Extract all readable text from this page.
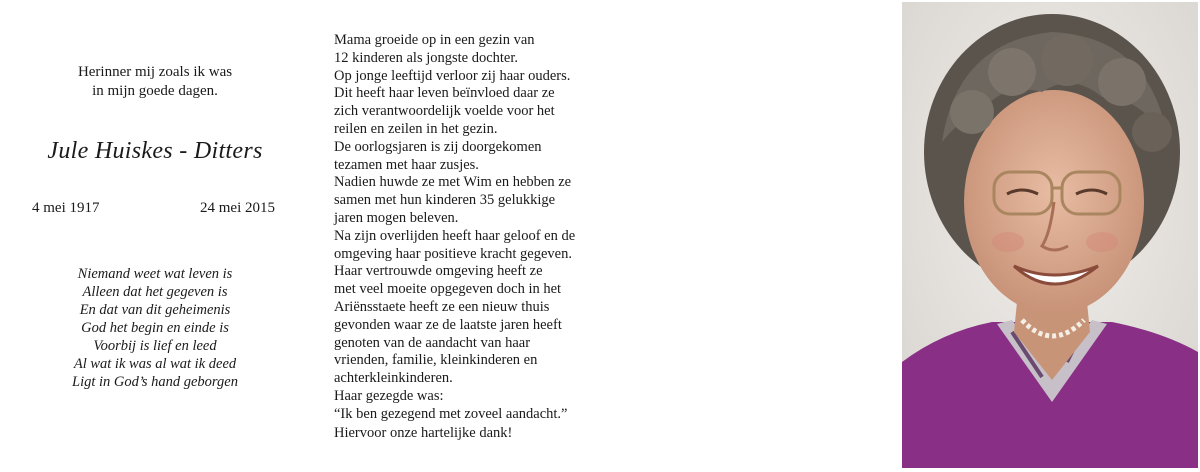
Herinner mij zoals ik was
in mijn goede dagen.
Jule Huiskes - Ditters
4 mei 1917	24 mei 2015
Niemand weet wat leven is
Alleen dat het gegeven is
En dat van dit geheimenis
God het begin en einde is
Voorbij is lief en leed
Al wat ik was al wat ik deed
Ligt in God’s hand geborgen
Mama groeide op in een gezin van
12 kinderen als jongste dochter.
Op jonge leeftijd verloor zij haar ouders.
Dit heeft haar leven beïnvloed daar ze
zich verantwoordelijk voelde voor het
reilen en zeilen in het gezin.
De oorlogsjaren is zij doorgekomen
tezamen met haar zusjes.
Nadien huwde ze met Wim en hebben ze
samen met hun kinderen 35 gelukkige
jaren mogen beleven.
Na zijn overlijden heeft haar geloof en de
omgeving haar positieve kracht gegeven.
Haar vertrouwde omgeving heeft ze
met veel moeite opgegeven doch in het
Ariënsstaete heeft ze een nieuw thuis
gevonden waar ze de laatste jaren heeft
genoten van de aandacht van haar
vrienden, familie, kleinkinderen en
achterkleinkinderen.
Haar gezegde was:
“Ik ben gezegend met zoveel aandacht.”
Hiervoor onze hartelijke dank!
